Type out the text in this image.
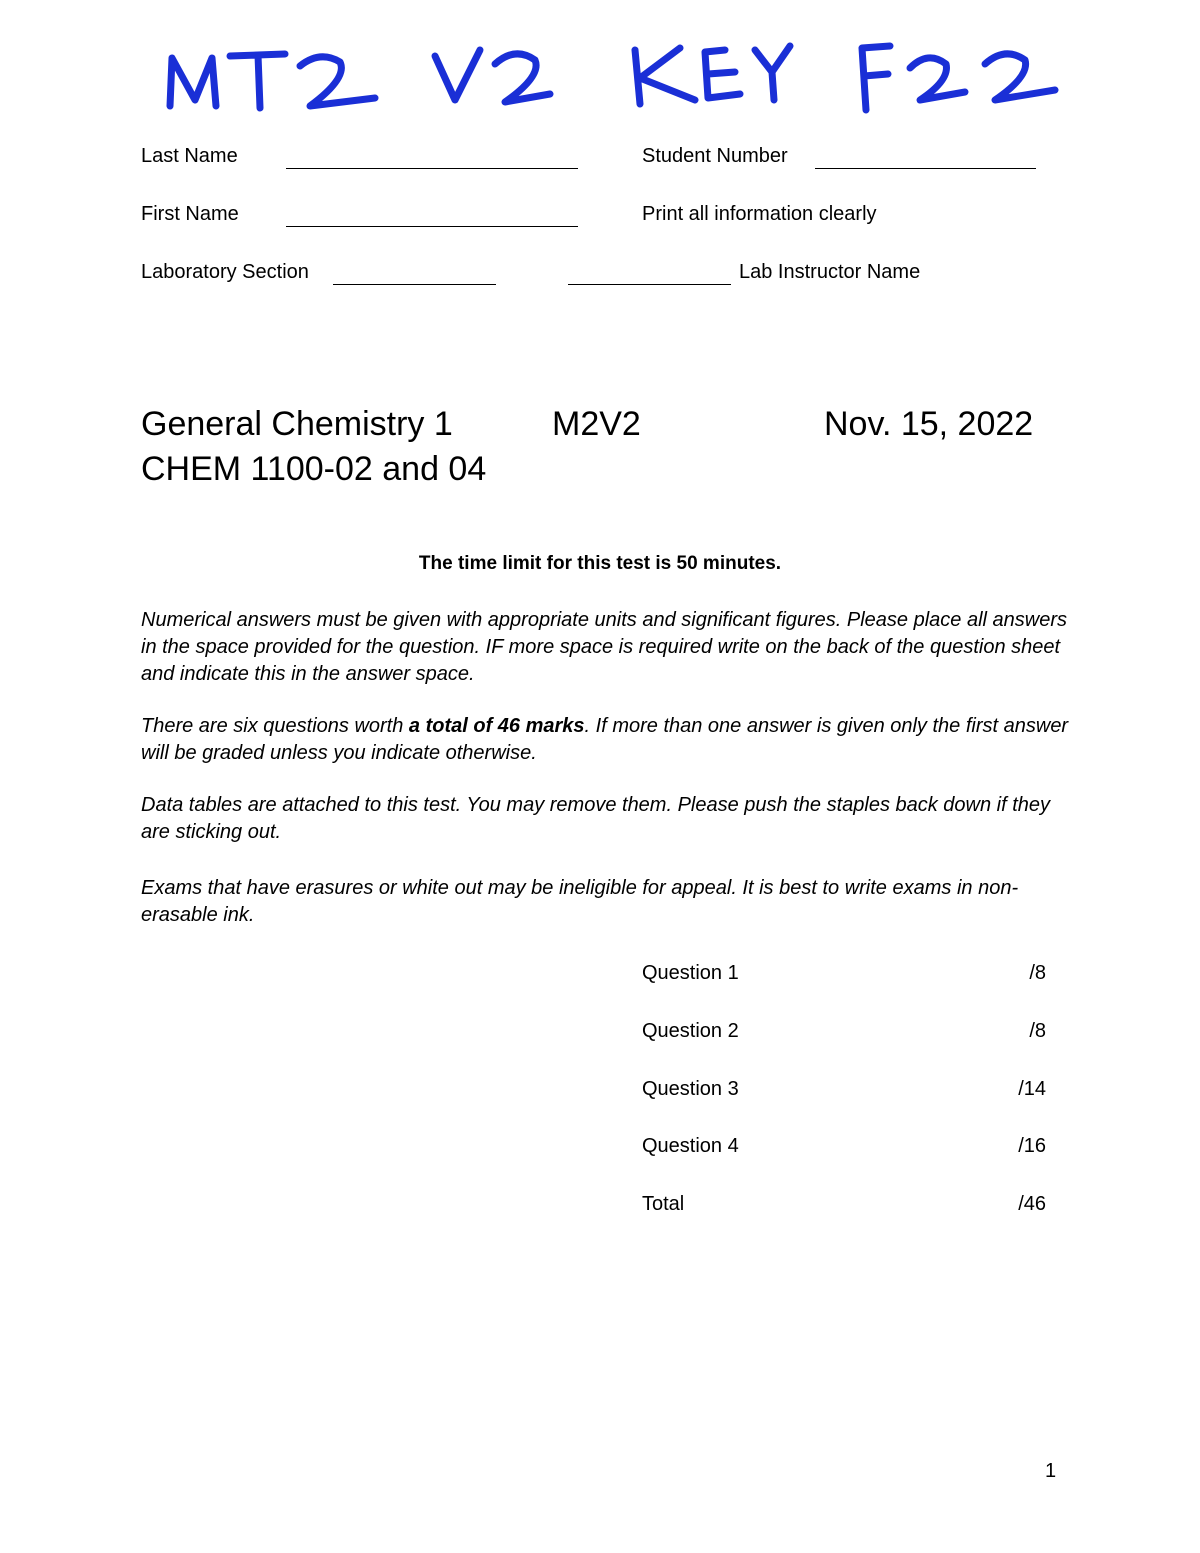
Last Name	Student Number
First Name	Print all information clearly
Laboratory Section	Lab Instructor Name
General Chemistry 1	M2V2	Nov. 15, 2022
CHEM 1100-02 and 04
The time limit for this test is 50 minutes.
Numerical answers must be given with appropriate units and significant figures. Please place all answers in the space provided for the question. IF more space is required write on the back of the question sheet and indicate this in the answer space.
There are six questions worth a total of 46 marks. If more than one answer is given only the first answer will be graded unless you indicate otherwise.
Data tables are attached to this test. You may remove them. Please push the staples back down if they are sticking out.
Exams that have erasures or white out may be ineligible for appeal. It is best to write exams in non-erasable ink.
Question 1	/8
Question 2	/8
Question 3	/14
Question 4	/16
Total	/46
1
